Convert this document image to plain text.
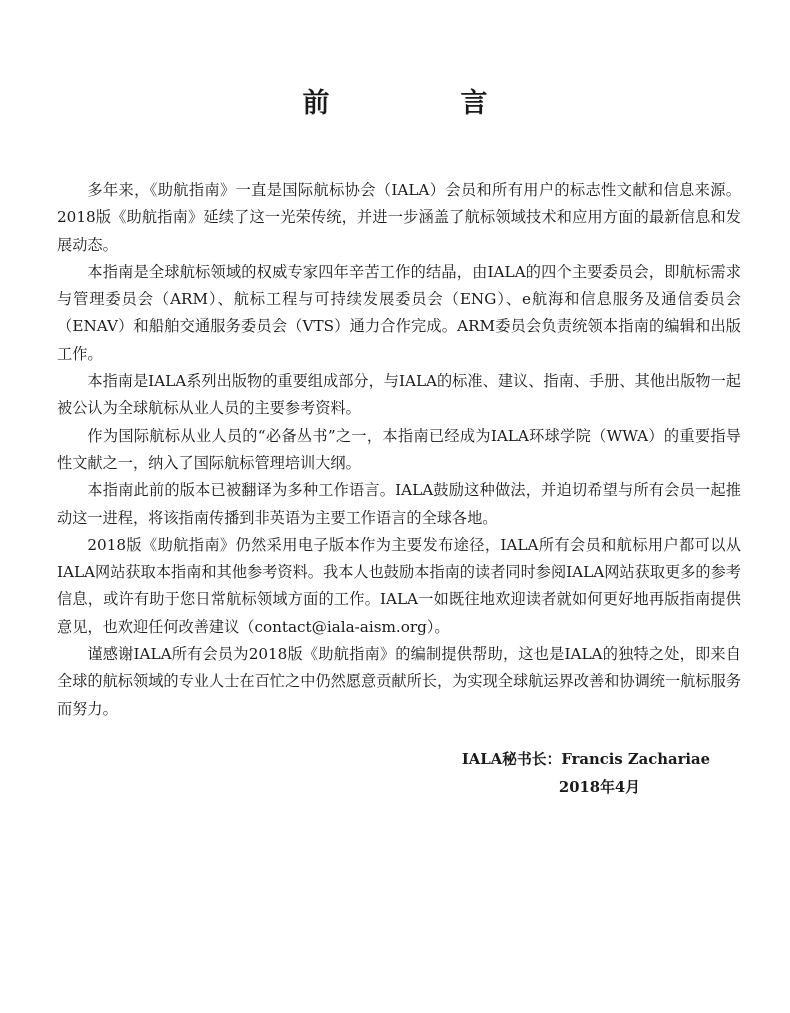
前　言

多年来，《助航指南》一直是国际航标协会（IALA）会员和所有用户的标志性文献和信息来源。2018版《助航指南》延续了这一光荣传统，并进一步涵盖了航标领域技术和应用方面的最新信息和发展动态。

本指南是全球航标领域的权威专家四年辛苦工作的结晶，由IALA的四个主要委员会，即航标需求与管理委员会（ARM）、航标工程与可持续发展委员会（ENG）、e航海和信息服务及通信委员会（ENAV）和船舶交通服务委员会（VTS）通力合作完成。ARM委员会负责统领本指南的编辑和出版工作。

本指南是IALA系列出版物的重要组成部分，与IALA的标准、建议、指南、手册、其他出版物一起被公认为全球航标从业人员的主要参考资料。

作为国际航标从业人员的“必备丛书”之一，本指南已经成为IALA环球学院（WWA）的重要指导性文献之一，纳入了国际航标管理培训大纲。

本指南此前的版本已被翻译为多种工作语言。IALA鼓励这种做法，并迫切希望与所有会员一起推动这一进程，将该指南传播到非英语为主要工作语言的全球各地。

2018版《助航指南》仍然采用电子版本作为主要发布途径，IALA所有会员和航标用户都可以从IALA网站获取本指南和其他参考资料。我本人也鼓励本指南的读者同时参阅IALA网站获取更多的参考信息，或许有助于您日常航标领域方面的工作。IALA一如既往地欢迎读者就如何更好地再版指南提供意见，也欢迎任何改善建议（contact@iala-aism.org）。

谨感谢IALA所有会员为2018版《助航指南》的编制提供帮助，这也是IALA的独特之处，即来自全球的航标领域的专业人士在百忙之中仍然愿意贡献所长，为实现全球航运界改善和协调统一航标服务而努力。

IALA秘书长：Francis Zachariae
2018年4月
